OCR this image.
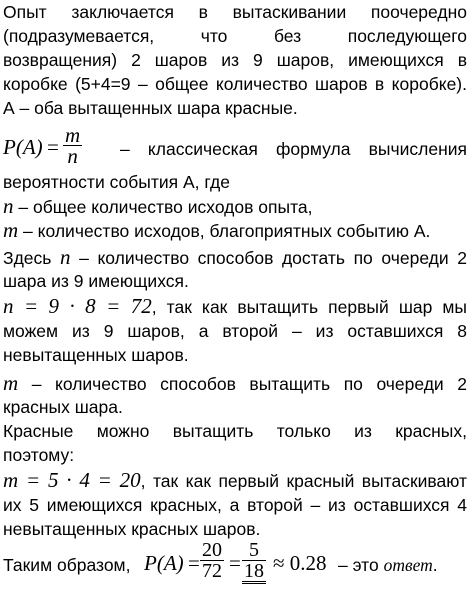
Опыт заключается в вытаскивании поочередно
(подразумевается, что без последующего
возвращения) 2 шаров из 9 шаров, имеющихся в
коробке (5+4=9 – общее количество шаров в коробке).
А – оба вытащенных шара красные.
$P(A) = \frac{m}{n}$ – классическая формула вычисления
вероятности события А, где
n – общее количество исходов опыта,
m – количество исходов, благоприятных событию А.
Здесь n – количество способов достать по очереди 2
шара из 9 имеющихся.
n = 9 · 8 = 72, так как вытащить первый шар мы
можем из 9 шаров, а второй – из оставшихся 8
невытащенных шаров.
m – количество способов вытащить по очереди 2
красных шара.
Красные можно вытащить только из красных,
поэтому:
m = 5 · 4 = 20, так как первый красный вытаскивают
их 5 имеющихся красных, а второй – из оставшихся 4
невытащенных красных шаров.
Таким образом, $P(A) = \frac{20}{72} = \frac{5}{18} \approx 0.28$ – это ответ.
